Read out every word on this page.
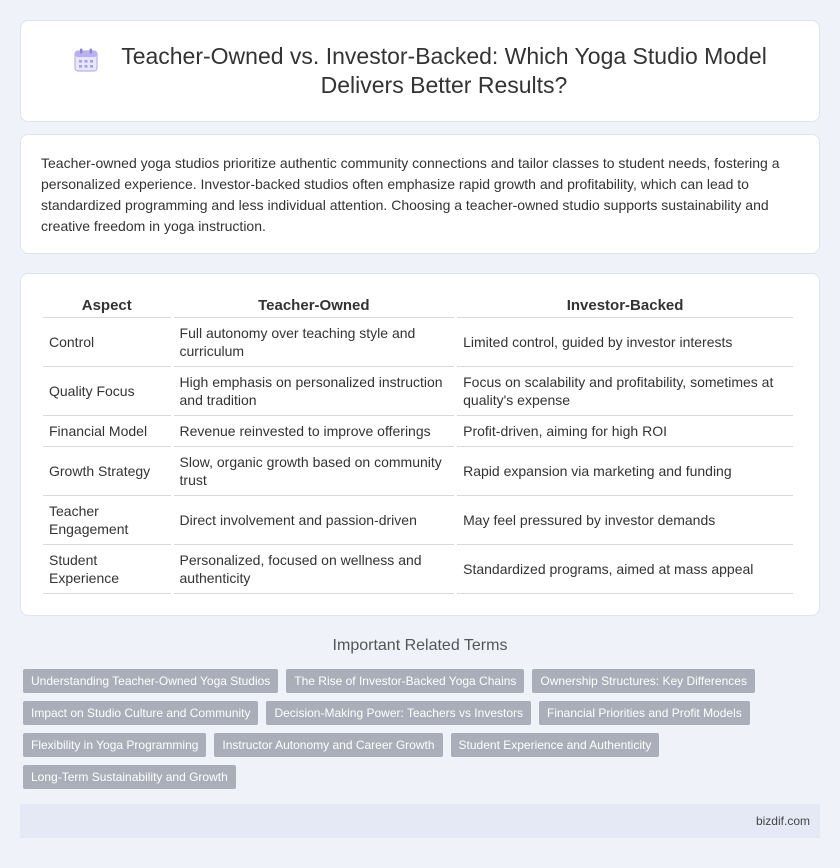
Teacher-Owned vs. Investor-Backed: Which Yoga Studio Model
Delivers Better Results?

Teacher-owned yoga studios prioritize authentic community connections and tailor classes to student needs, fostering a personalized experience. Investor-backed studios often emphasize rapid growth and profitability, which can lead to standardized programming and less individual attention. Choosing a teacher-owned studio supports sustainability and creative freedom in yoga instruction.

Aspect	Teacher-Owned	Investor-Backed
Control	Full autonomy over teaching style and curriculum	Limited control, guided by investor interests
Quality Focus	High emphasis on personalized instruction and tradition	Focus on scalability and profitability, sometimes at quality's expense
Financial Model	Revenue reinvested to improve offerings	Profit-driven, aiming for high ROI
Growth Strategy	Slow, organic growth based on community trust	Rapid expansion via marketing and funding
Teacher Engagement	Direct involvement and passion-driven	May feel pressured by investor demands
Student Experience	Personalized, focused on wellness and authenticity	Standardized programs, aimed at mass appeal
Important Related Terms
Understanding Teacher-Owned Yoga Studios	The Rise of Investor-Backed Yoga Chains	Ownership Structures: Key Differences
Impact on Studio Culture and Community	Decision-Making Power: Teachers vs Investors	Financial Priorities and Profit Models
Flexibility in Yoga Programming	Instructor Autonomy and Career Growth	Student Experience and Authenticity
Long-Term Sustainability and Growth
bizdif.com
